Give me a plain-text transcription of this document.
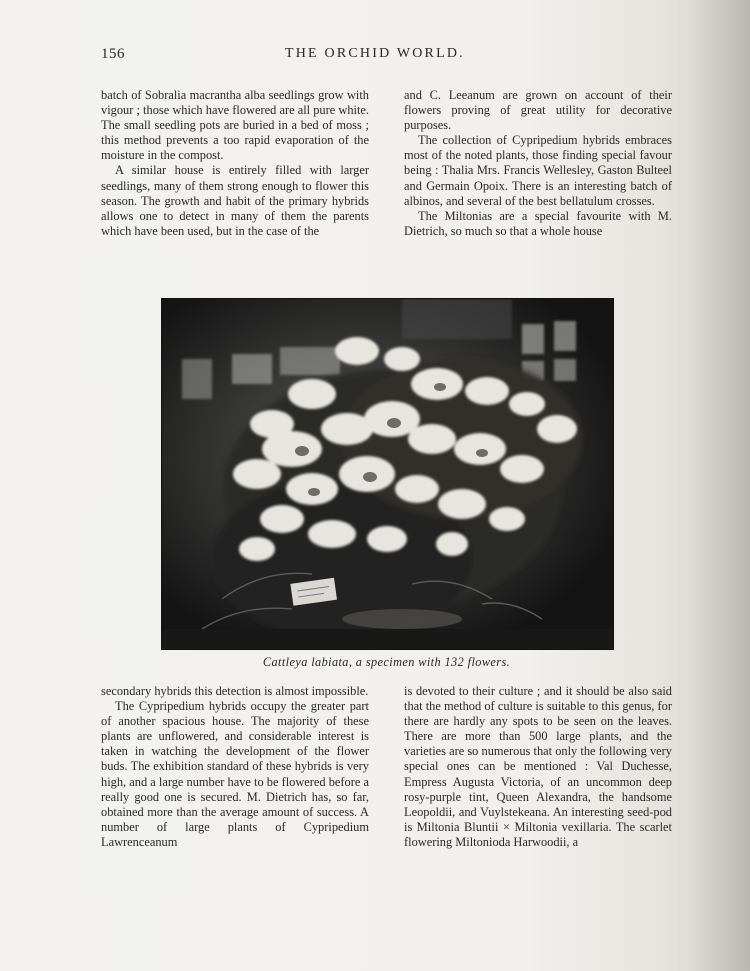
156	THE ORCHID WORLD.

batch of Sobralia macrantha alba seedlings grow with vigour ; those which have flowered are all pure white. The small seedling pots are buried in a bed of moss ; this method prevents a too rapid evaporation of the moisture in the compost.

A similar house is entirely filled with larger seedlings, many of them strong enough to flower this season. The growth and habit of the primary hybrids allows one to detect in many of them the parents which have been used, but in the case of the

and C. Leeanum are grown on account of their flowers proving of great utility for decorative purposes.

The collection of Cypripedium hybrids embraces most of the noted plants, those finding special favour being : Thalia Mrs. Francis Wellesley, Gaston Bulteel and Germain Opoix. There is an interesting batch of albinos, and several of the best bellatulum crosses.

The Miltonias are a special favourite with M. Dietrich, so much so that a whole house

Cattleya labiata, a specimen with 132 flowers.

secondary hybrids this detection is almost impossible.

The Cypripedium hybrids occupy the greater part of another spacious house. The majority of these plants are unflowered, and considerable interest is taken in watching the development of the flower buds. The exhibition standard of these hybrids is very high, and a large number have to be flowered before a really good one is secured. M. Dietrich has, so far, obtained more than the average amount of success. A number of large plants of Cypripedium Lawrenceanum

is devoted to their culture ; and it should be also said that the method of culture is suitable to this genus, for there are hardly any spots to be seen on the leaves. There are more than 500 large plants, and the varieties are so numerous that only the following very special ones can be mentioned : Val Duchesse, Empress Augusta Victoria, of an uncommon deep rosy-purple tint, Queen Alexandra, the handsome Leopoldii, and Vuylstekeana. An interesting seed-pod is Miltonia Bluntii × Miltonia vexillaria. The scarlet flowering Miltonioda Harwoodii, a
